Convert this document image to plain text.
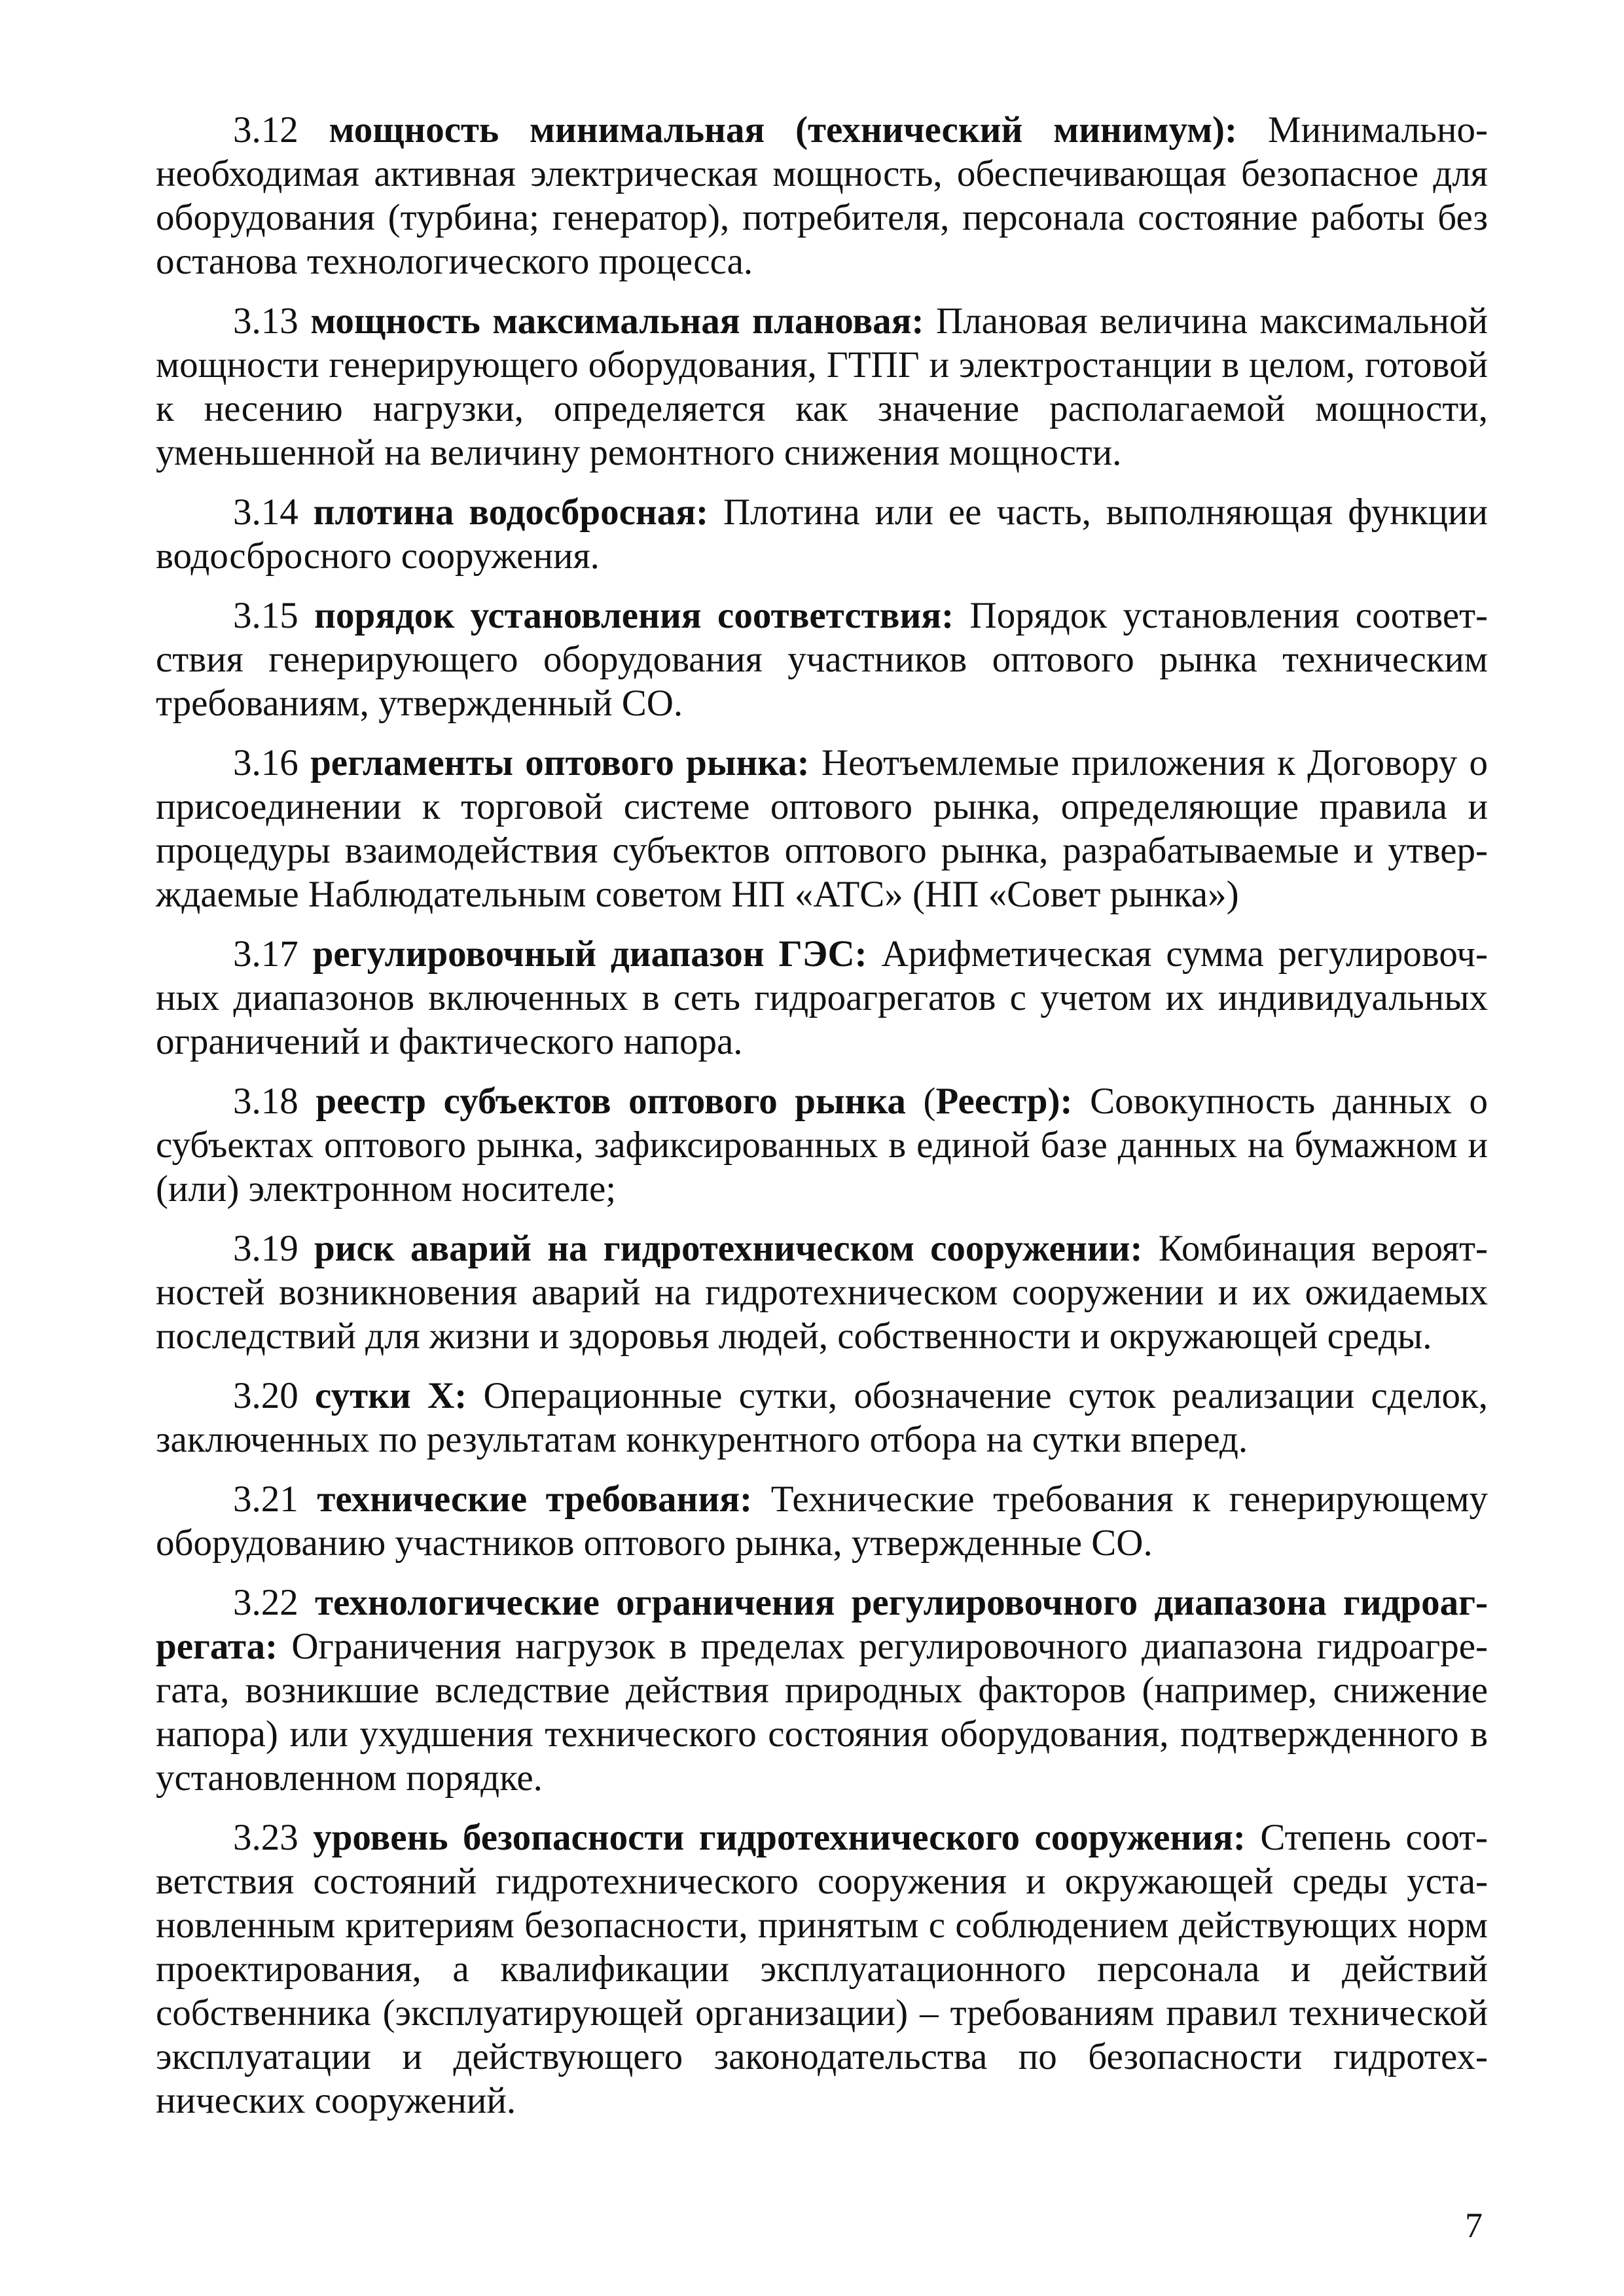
3.12 мощность минимальная (технический минимум): Минимально-необходимая активная электрическая мощность, обеспечивающая безопасное для оборудования (турбина; генератор), потребителя, персонала состояние работы без останова технологического процесса.

3.13 мощность максимальная плановая: Плановая величина максимальной мощности генерирующего оборудования, ГТПГ и электростанции в целом, готовой к несению нагрузки, определяется как значение располагаемой мощности, уменьшенной на величину ремонтного снижения мощности.

3.14 плотина водосбросная: Плотина или ее часть, выполняющая функции водосбросного сооружения.

3.15 порядок установления соответствия: Порядок установления соответствия генерирующего оборудования участников оптового рынка техническим требованиям, утвержденный СО.

3.16 регламенты оптового рынка: Неотъемлемые приложения к Договору о присоединении к торговой системе оптового рынка, определяющие правила и процедуры взаимодействия субъектов оптового рынка, разрабатываемые и утверждаемые Наблюдательным советом НП «АТС» (НП «Совет рынка»)

3.17 регулировочный диапазон ГЭС: Арифметическая сумма регулировочных диапазонов включенных в сеть гидроагрегатов с учетом их индивидуальных ограничений и фактического напора.

3.18 реестр субъектов оптового рынка (Реестр): Совокупность данных о субъектах оптового рынка, зафиксированных в единой базе данных на бумажном и (или) электронном носителе;

3.19 риск аварий на гидротехническом сооружении: Комбинация вероятностей возникновения аварий на гидротехническом сооружении и их ожидаемых последствий для жизни и здоровья людей, собственности и окружающей среды.

3.20 сутки Х: Операционные сутки, обозначение суток реализации сделок, заключенных по результатам конкурентного отбора на сутки вперед.

3.21 технические требования: Технические требования к генерирующему оборудованию участников оптового рынка, утвержденные СО.

3.22 технологические ограничения регулировочного диапазона гидроагрегата: Ограничения нагрузок в пределах регулировочного диапазона гидроагрегата, возникшие вследствие действия природных факторов (например, снижение напора) или ухудшения технического состояния оборудования, подтвержденного в установленном порядке.

3.23 уровень безопасности гидротехнического сооружения: Степень соответствия состояний гидротехнического сооружения и окружающей среды установленным критериям безопасности, принятым с соблюдением действующих норм проектирования, а квалификации эксплуатационного персонала и действий собственника (эксплуатирующей организации) – требованиям правил технической эксплуатации и действующего законодательства по безопасности гидротехнических сооружений.

7
